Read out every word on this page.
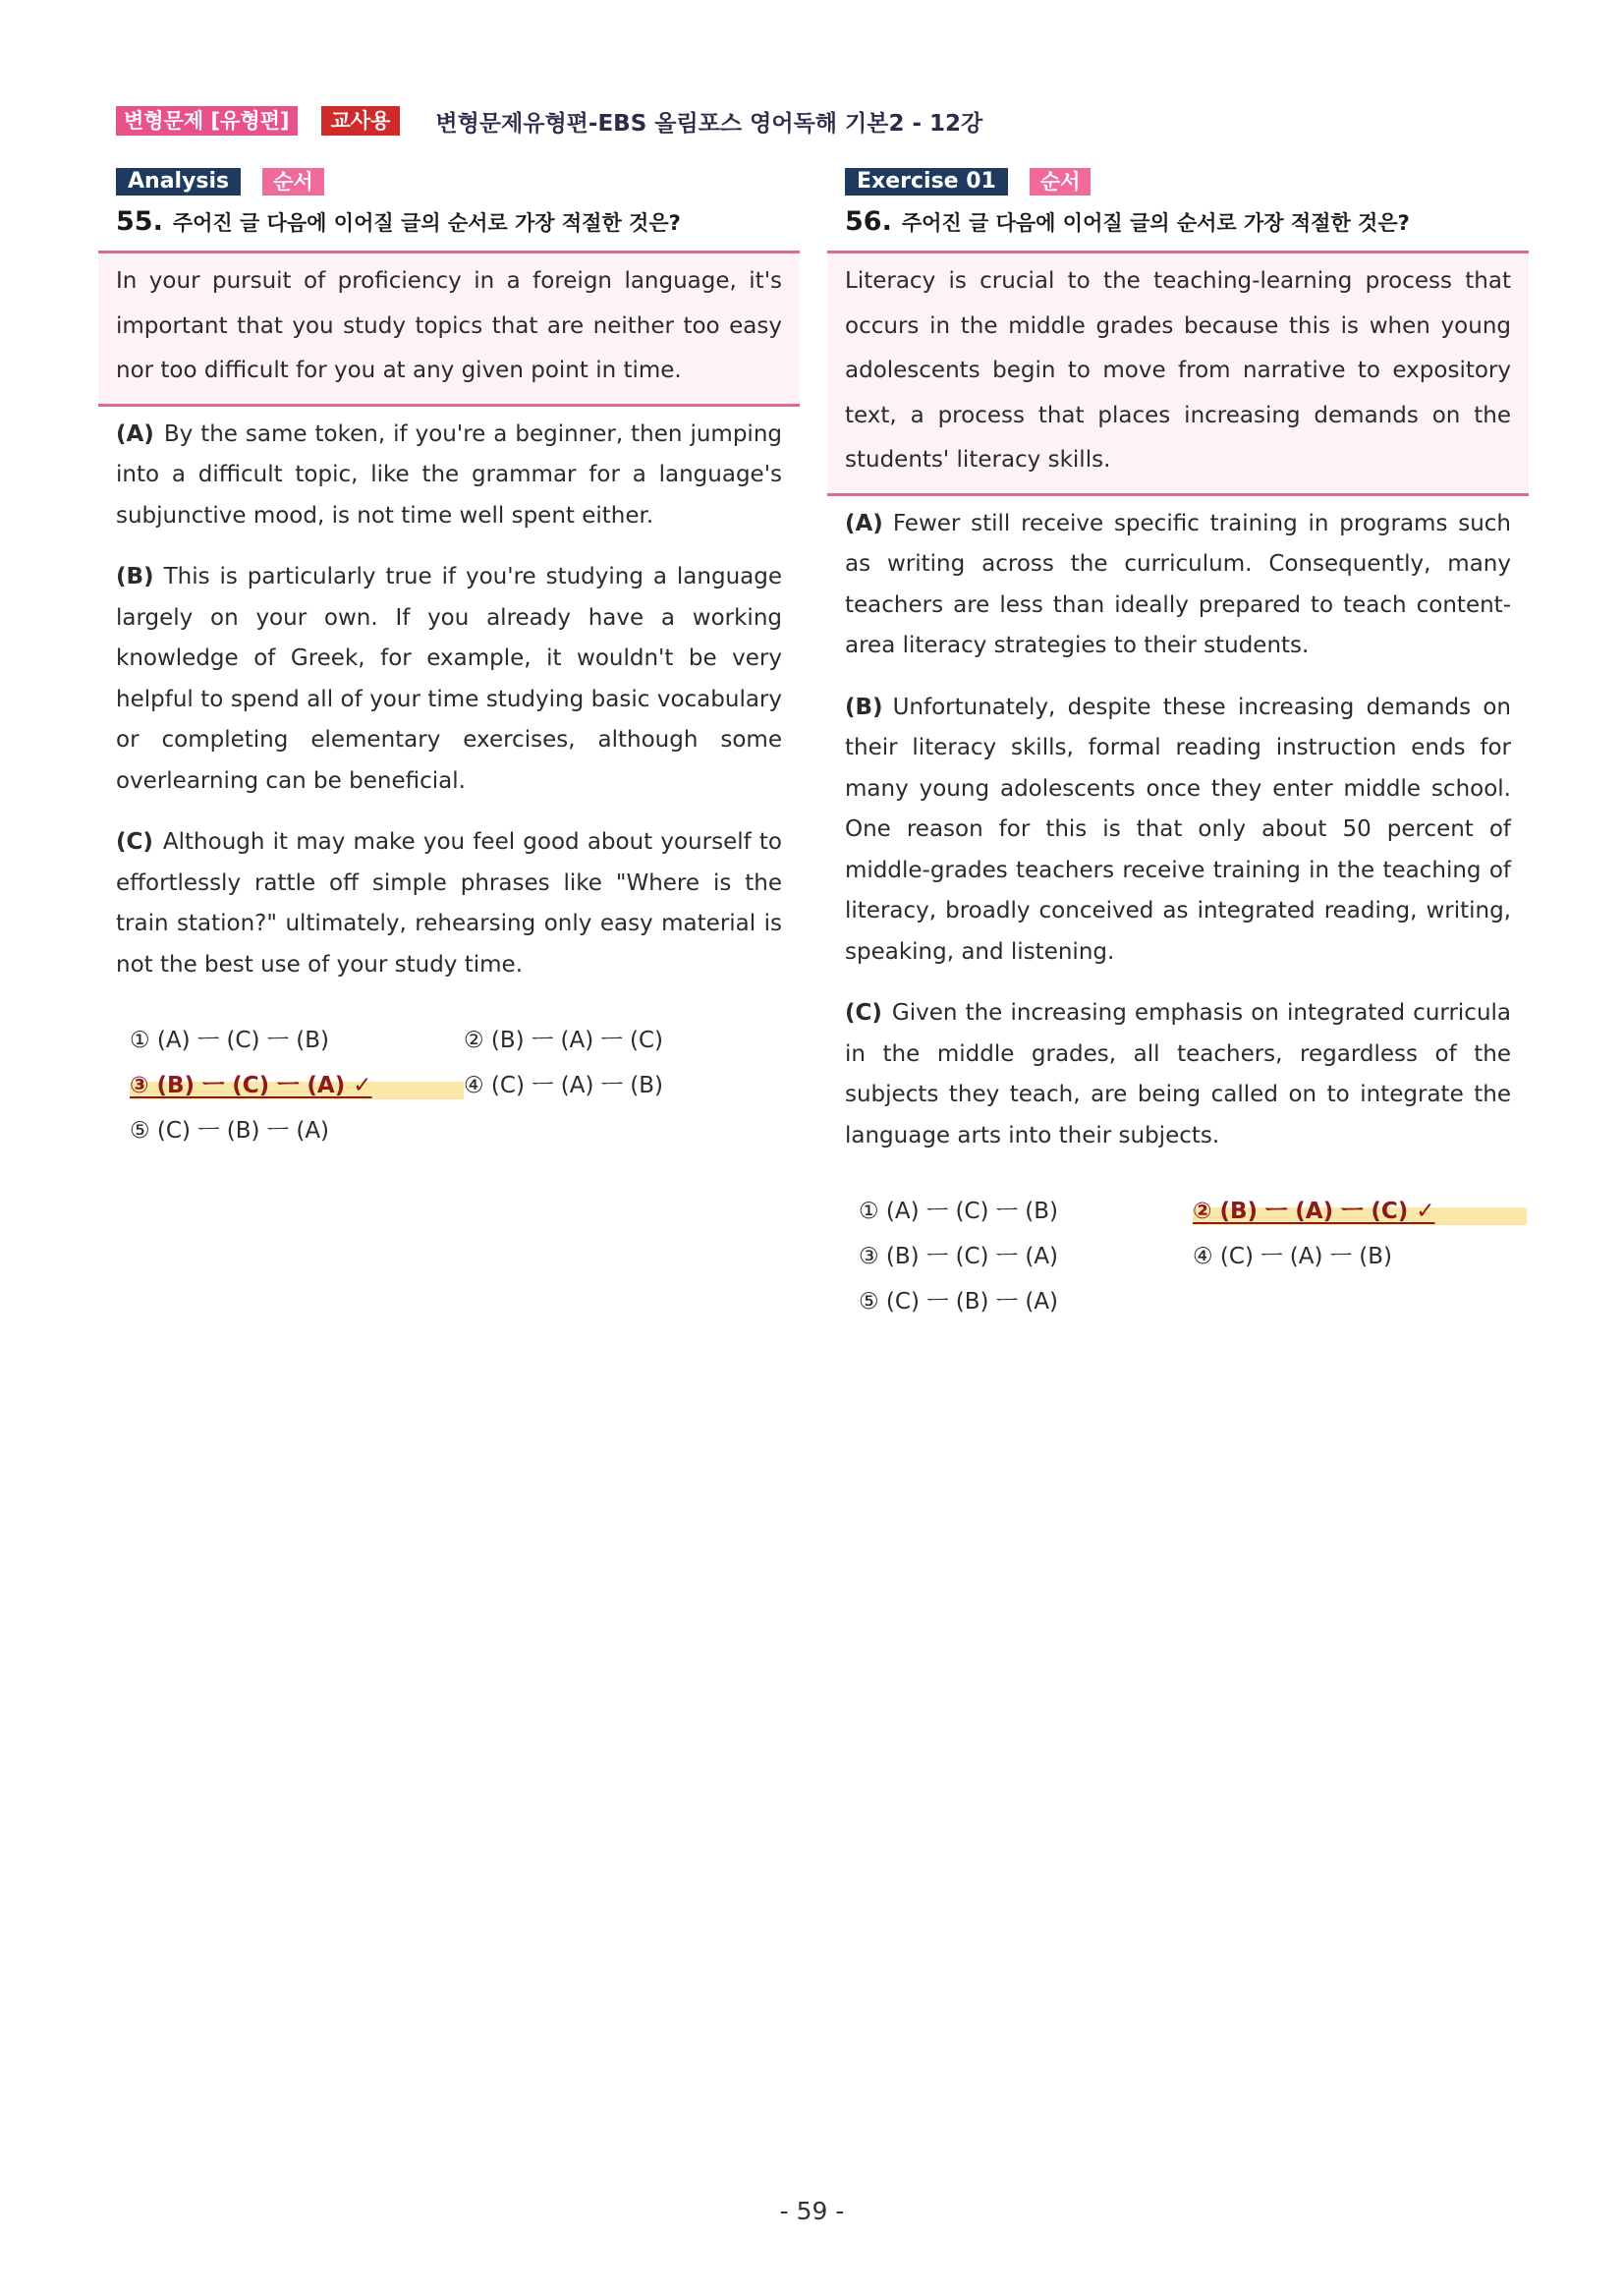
변형문제 [유형편]	교사용	변형문제유형편-EBS 올림포스 영어독해 기본2 - 12강
Analysis	순서
55. 주어진 글 다음에 이어질 글의 순서로 가장 적절한 것은?

In your pursuit of proficiency in a foreign language, it's important that you study topics that are neither too easy nor too difficult for you at any given point in time.

(A) By the same token, if you're a beginner, then jumping into a difficult topic, like the grammar for a language's subjunctive mood, is not time well spent either.

(B) This is particularly true if you're studying a language largely on your own. If you already have a working knowledge of Greek, for example, it wouldn't be very helpful to spend all of your time studying basic vocabulary or completing elementary exercises, although some overlearning can be beneficial.

(C) Although it may make you feel good about yourself to effortlessly rattle off simple phrases like "Where is the train station?" ultimately, rehearsing only easy material is not the best use of your study time.

① (A) ㅡ (C) ㅡ (B)	② (B) ㅡ (A) ㅡ (C)
③ (B) ㅡ (C) ㅡ (A) ✓	④ (C) ㅡ (A) ㅡ (B)
⑤ (C) ㅡ (B) ㅡ (A)
Exercise 01	순서
56. 주어진 글 다음에 이어질 글의 순서로 가장 적절한 것은?

Literacy is crucial to the teaching-learning process that occurs in the middle grades because this is when young adolescents begin to move from narrative to expository text, a process that places increasing demands on the students' literacy skills.

(A) Fewer still receive specific training in programs such as writing across the curriculum. Consequently, many teachers are less than ideally prepared to teach content-area literacy strategies to their students.

(B) Unfortunately, despite these increasing demands on their literacy skills, formal reading instruction ends for many young adolescents once they enter middle school. One reason for this is that only about 50 percent of middle-grades teachers receive training in the teaching of literacy, broadly conceived as integrated reading, writing, speaking, and listening.

(C) Given the increasing emphasis on integrated curricula in the middle grades, all teachers, regardless of the subjects they teach, are being called on to integrate the language arts into their subjects.

① (A) ㅡ (C) ㅡ (B)	② (B) ㅡ (A) ㅡ (C) ✓
③ (B) ㅡ (C) ㅡ (A)	④ (C) ㅡ (A) ㅡ (B)
⑤ (C) ㅡ (B) ㅡ (A)
- 59 -
